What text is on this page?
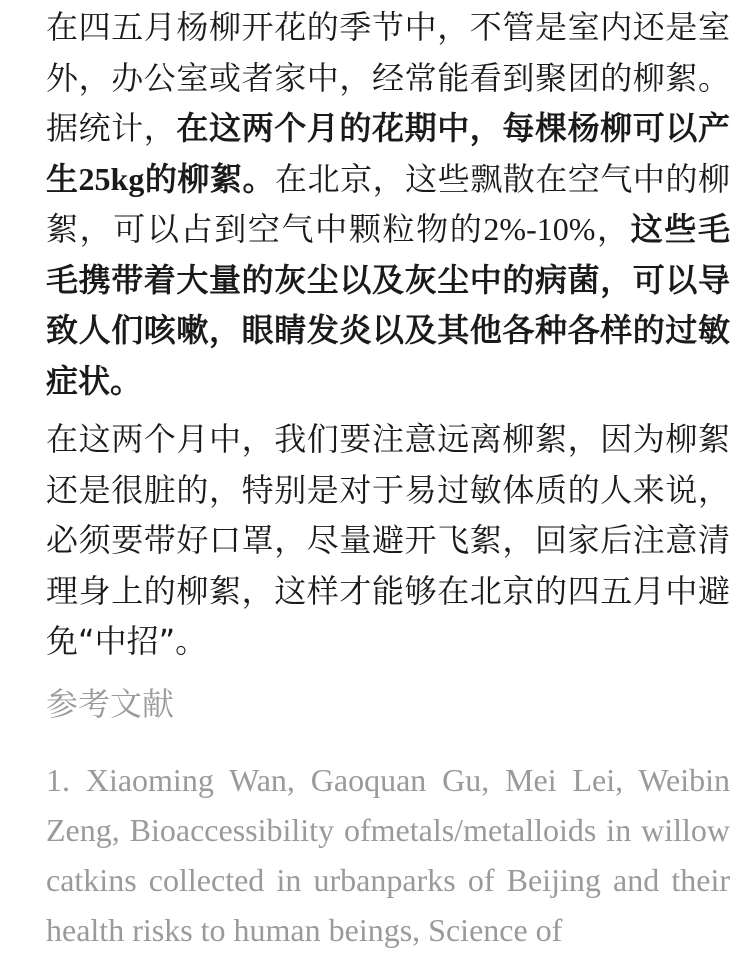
在四五月杨柳开花的季节中，不管是室内还是室外，办公室或者家中，经常能看到聚团的柳絮。据统计，在这两个月的花期中，每棵杨柳可以产生25kg的柳絮。在北京，这些飘散在空气中的柳絮，可以占到空气中颗粒物的2%-10%，这些毛毛携带着大量的灰尘以及灰尘中的病菌，可以导致人们咳嗽，眼睛发炎以及其他各种各样的过敏症状。

在这两个月中，我们要注意远离柳絮，因为柳絮还是很脏的，特别是对于易过敏体质的人来说，必须要带好口罩，尽量避开飞絮，回家后注意清理身上的柳絮，这样才能够在北京的四五月中避免“中招”。

参考文献

1. Xiaoming Wan, Gaoquan Gu, Mei Lei, Weibin Zeng, Bioaccessibility ofmetals/metalloids in willow catkins collected in urbanparks of Beijing and their health risks to human beings, Science of
